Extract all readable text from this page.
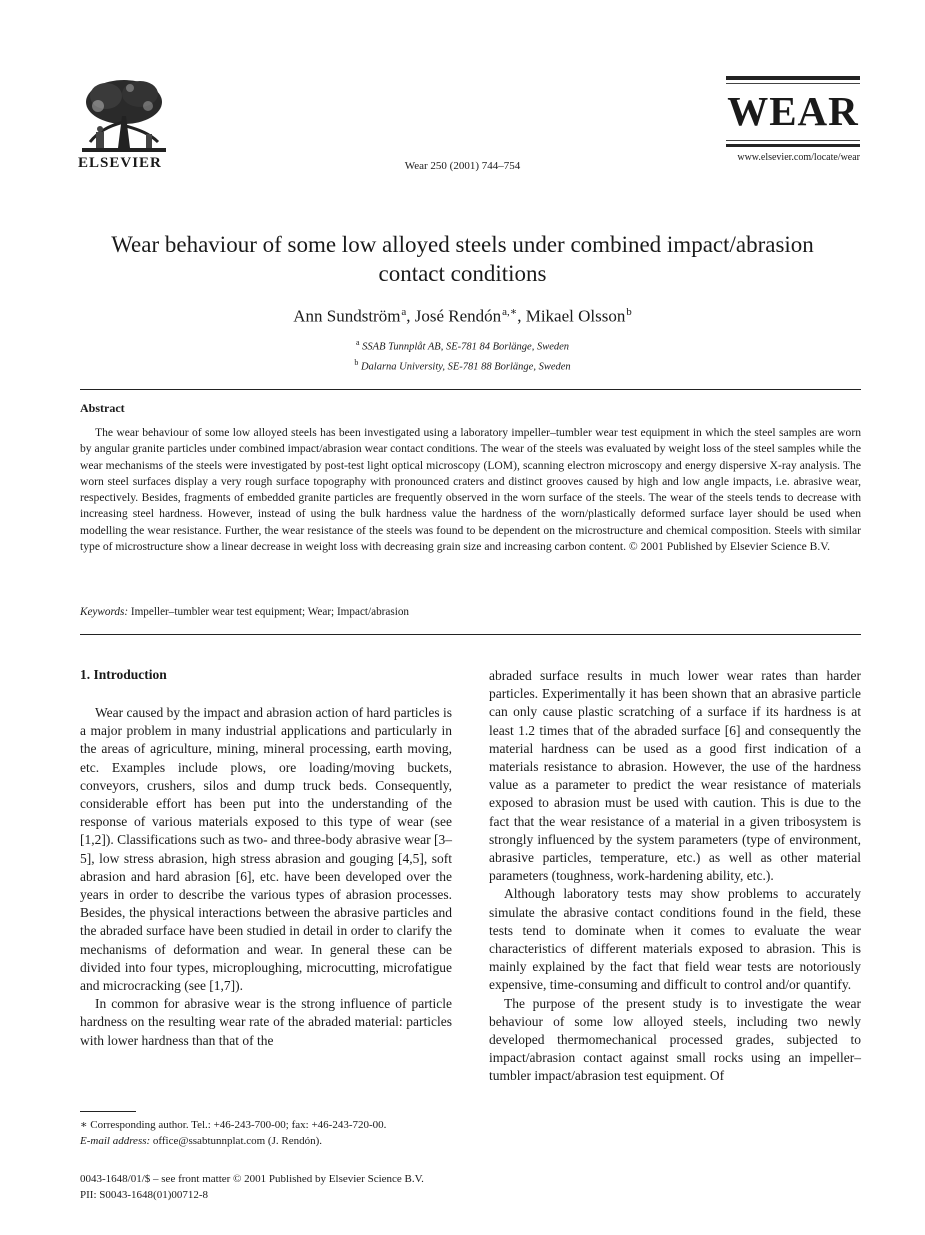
ELSEVIER	Wear 250 (2001) 744–754
WEAR
www.elsevier.com/locate/wear
Wear behaviour of some low alloyed steels under combined impact/abrasion contact conditions
Ann Sundström $^a$, José Rendón $^{a,∗}$, Mikael Olsson $^b$
$^a$ SSAB Tunnplåt AB, SE-781 84 Borlänge, Sweden
$^b$ Dalarna University, SE-781 88 Borlänge, Sweden
Abstract
The wear behaviour of some low alloyed steels has been investigated using a laboratory impeller–tumbler wear test equipment in which the steel samples are worn by angular granite particles under combined impact/abrasion wear contact conditions. The wear of the steels was evaluated by weight loss of the steel samples while the wear mechanisms of the steels were investigated by post-test light optical microscopy (LOM), scanning electron microscopy and energy dispersive X-ray analysis. The worn steel surfaces display a very rough surface topography with pronounced craters and distinct grooves caused by high and low angle impacts, i.e. abrasive wear, respectively. Besides, fragments of embedded granite particles are frequently observed in the worn surface of the steels. The wear of the steels tends to decrease with increasing steel hardness. However, instead of using the bulk hardness value the hardness of the worn/plastically deformed surface layer should be used when modelling the wear resistance. Further, the wear resistance of the steels was found to be dependent on the microstructure and chemical composition. Steels with similar type of microstructure show a linear decrease in weight loss with decreasing grain size and increasing carbon content. © 2001 Published by Elsevier Science B.V.
Keywords: Impeller–tumbler wear test equipment; Wear; Impact/abrasion
1. Introduction

Wear caused by the impact and abrasion action of hard particles is a major problem in many industrial applications and particularly in the areas of agriculture, mining, mineral processing, earth moving, etc. Examples include plows, ore loading/moving buckets, conveyors, crushers, silos and dump truck beds. Consequently, considerable effort has been put into the understanding of the response of various materials exposed to this type of wear (see [1,2]). Classifications such as two- and three-body abrasive wear [3–5], low stress abrasion, high stress abrasion and gouging [4,5], soft abrasion and hard abrasion [6], etc. have been developed over the years in order to describe the various types of abrasion processes. Besides, the physical interactions between the abrasive particles and the abraded surface have been studied in detail in order to clarify the mechanisms of deformation and wear. In general these can be divided into four types, microploughing, microcutting, microfatigue and microcracking (see [1,7]).

In common for abrasive wear is the strong influence of particle hardness on the resulting wear rate of the abraded material: particles with lower hardness than that of the

abraded surface results in much lower wear rates than harder particles. Experimentally it has been shown that an abrasive particle can only cause plastic scratching of a surface if its hardness is at least 1.2 times that of the abraded surface [6] and consequently the material hardness can be used as a good first indication of a materials resistance to abrasion. However, the use of the hardness value as a parameter to predict the wear resistance of materials exposed to abrasion must be used with caution. This is due to the fact that the wear resistance of a material in a given tribosystem is strongly influenced by the system parameters (type of environment, abrasive particles, temperature, etc.) as well as other material parameters (toughness, work-hardening ability, etc.).

Although laboratory tests may show problems to accurately simulate the abrasive contact conditions found in the field, these tests tend to dominate when it comes to evaluate the wear characteristics of different materials exposed to abrasion. This is mainly explained by the fact that field wear tests are notoriously expensive, time-consuming and difficult to control and/or quantify.

The purpose of the present study is to investigate the wear behaviour of some low alloyed steels, including two newly developed thermomechanical processed grades, subjected to impact/abrasion contact against small rocks using an impeller–tumbler impact/abrasion test equipment. Of

∗ Corresponding author. Tel.: +46-243-700-00; fax: +46-243-720-00.
E-mail address: office@ssabtunnplat.com (J. Rendón).
0043-1648/01/$ – see front matter © 2001 Published by Elsevier Science B.V.
PII: S0043-1648(01)00712-8
